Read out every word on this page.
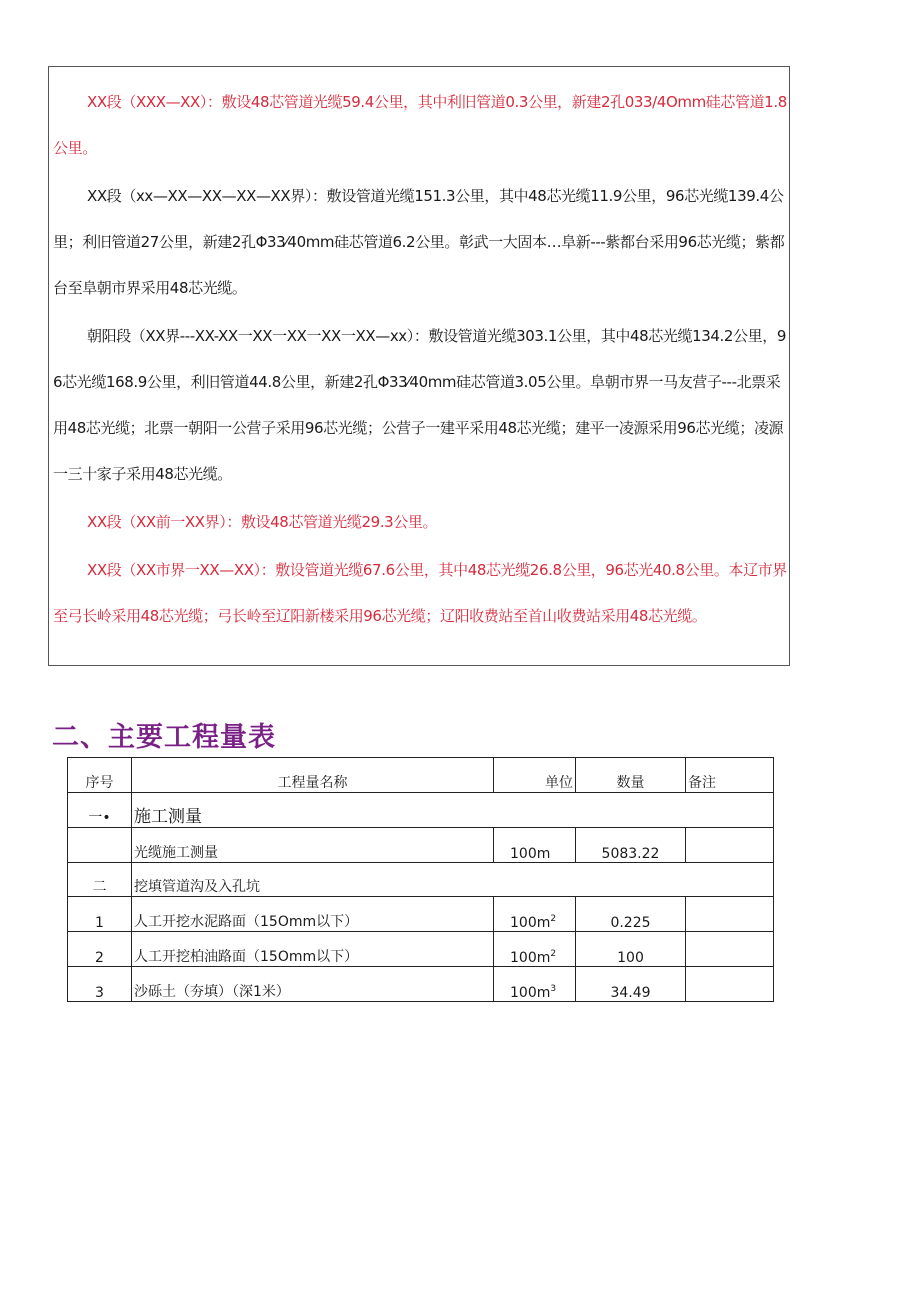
XX段（XXX—XX）：敷设48芯管道光缆59.4公里，其中利旧管道0.3公里，新建2孔033/4Omm硅芯管道1.8公里。

XX段（xx—XX—XX—XX—XX界）：敷设管道光缆151.3公里，其中48芯光缆11.9公里，96芯光缆139.4公里；利旧管道27公里，新建2孔Φ33⁄40mm硅芯管道6.2公里。彰武一大固本…阜新---紫都台采用96芯光缆；紫都台至阜朝市界采用48芯光缆。

朝阳段（XX界---XX-XX一XX一XX一XX一XX—xx）：敷设管道光缆303.1公里，其中48芯光缆134.2公里，96芯光缆168.9公里，利旧管道44.8公里，新建2孔Φ33⁄40mm硅芯管道3.05公里。阜朝市界一马友营子---北票采用48芯光缆；北票一朝阳一公营子采用96芯光缆；公营子一建平采用48芯光缆；建平一凌源采用96芯光缆；凌源一三十家子采用48芯光缆。

XX段（XX前一XX界）：敷设48芯管道光缆29.3公里。

XX段（XX市界一XX—XX）：敷设管道光缆67.6公里，其中48芯光缆26.8公里，96芯光40.8公里。本辽市界至弓长岭采用48芯光缆；弓长岭至辽阳新楼采用96芯光缆；辽阳收费站至首山收费站采用48芯光缆。

二、主要工程量表
序号	工程量名称	单位	数量	备注
一•	施工测量			
	光缆施工测量	100m	5083.22	
二	挖填管道沟及入孔坑			
1	人工开挖水泥路面（15Omm以下）	$100m^2$	0.225	
2	人工开挖柏油路面（15Omm以下）	$100m^2$	100	
3	沙砾土（夯填）（深1米）	$100m^3$	34.49	
